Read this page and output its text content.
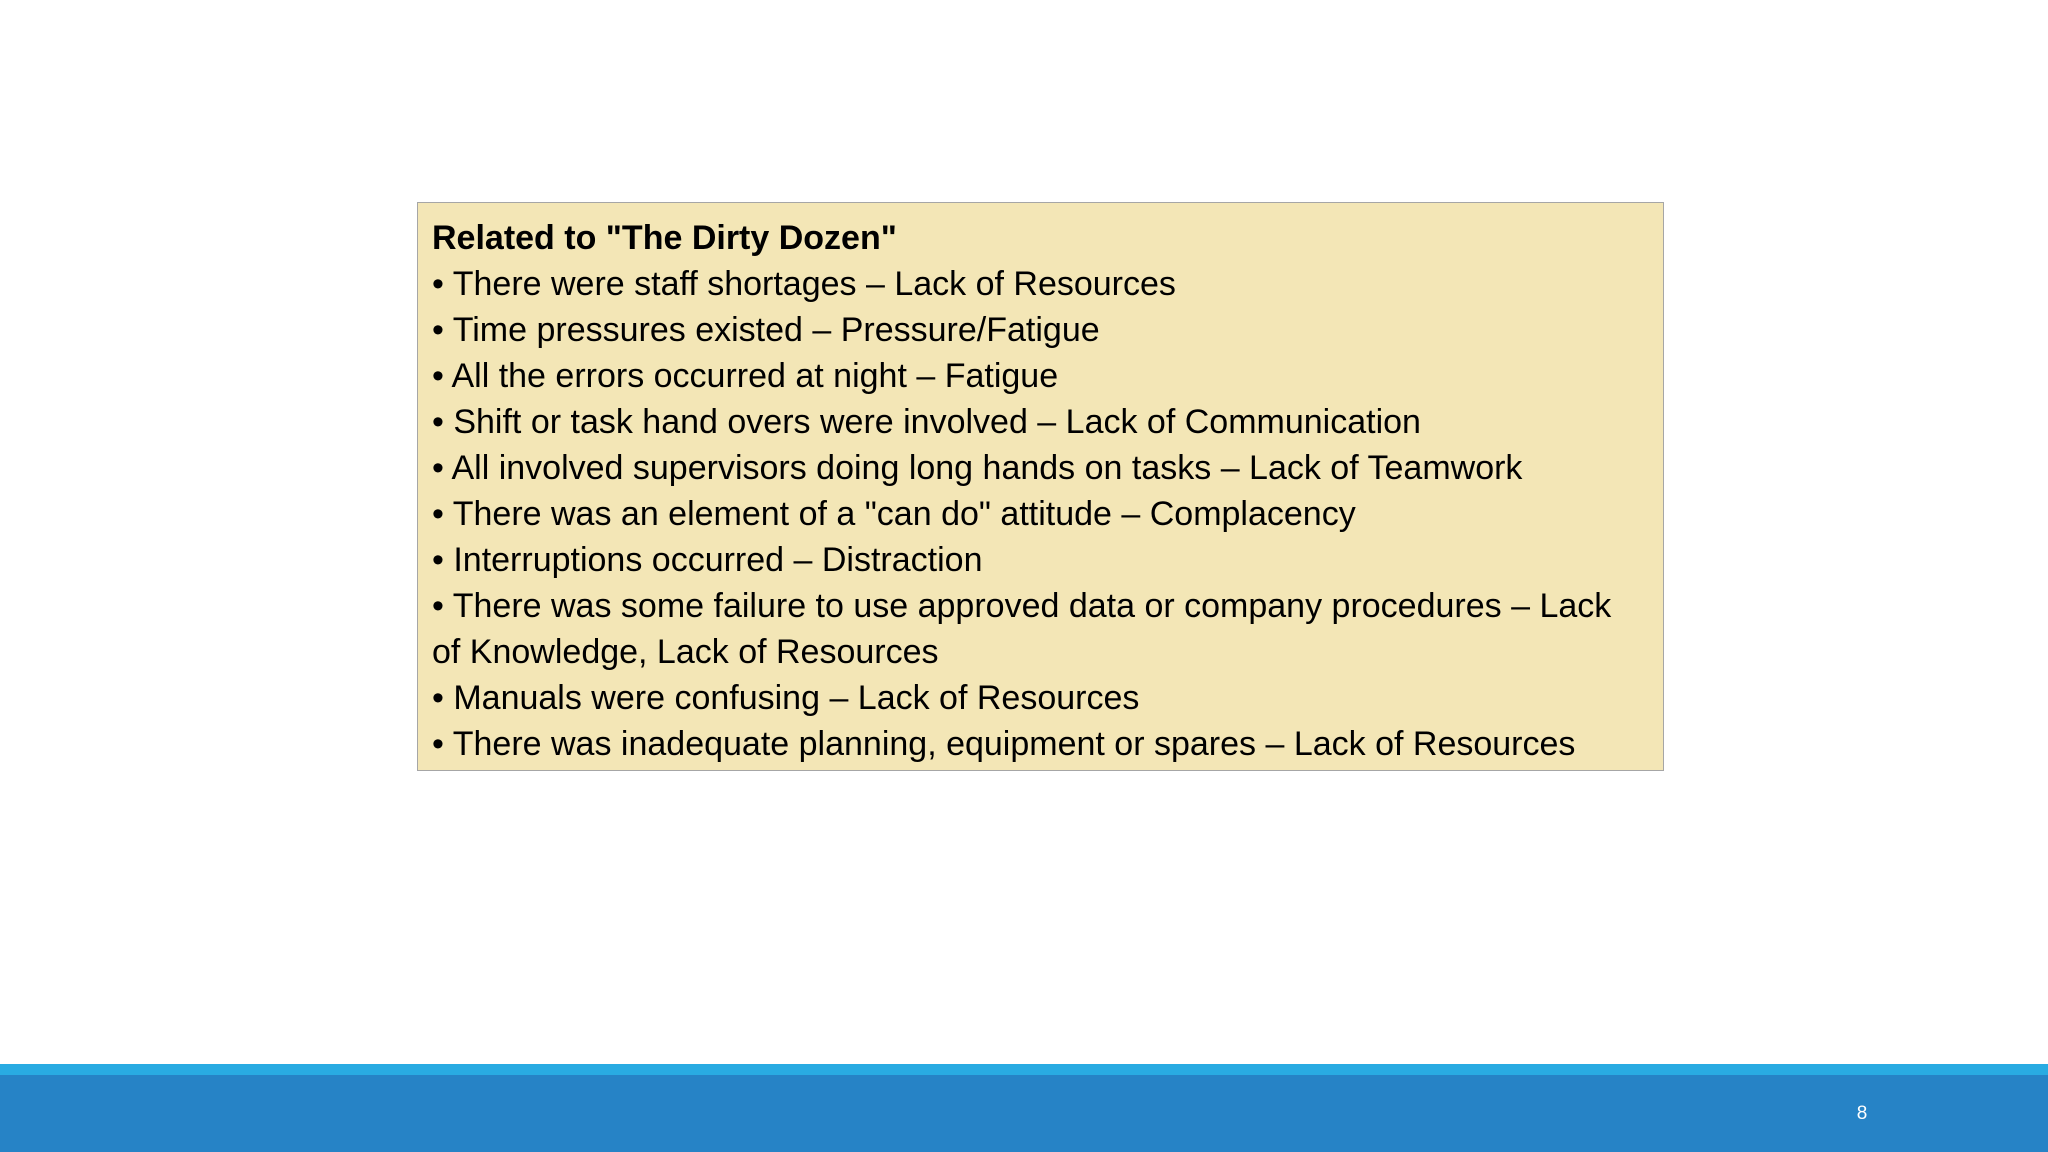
Related to "The Dirty Dozen"

• There were staff shortages – Lack of Resources
• Time pressures existed – Pressure/Fatigue
• All the errors occurred at night – Fatigue
• Shift or task hand overs were involved – Lack of Communication
• All involved supervisors doing long hands on tasks – Lack of Teamwork
• There was an element of a "can do" attitude – Complacency
• Interruptions occurred – Distraction
• There was some failure to use approved data or company procedures – Lack of Knowledge, Lack of Resources
• Manuals were confusing – Lack of Resources
• There was inadequate planning, equipment or spares – Lack of Resources
8
